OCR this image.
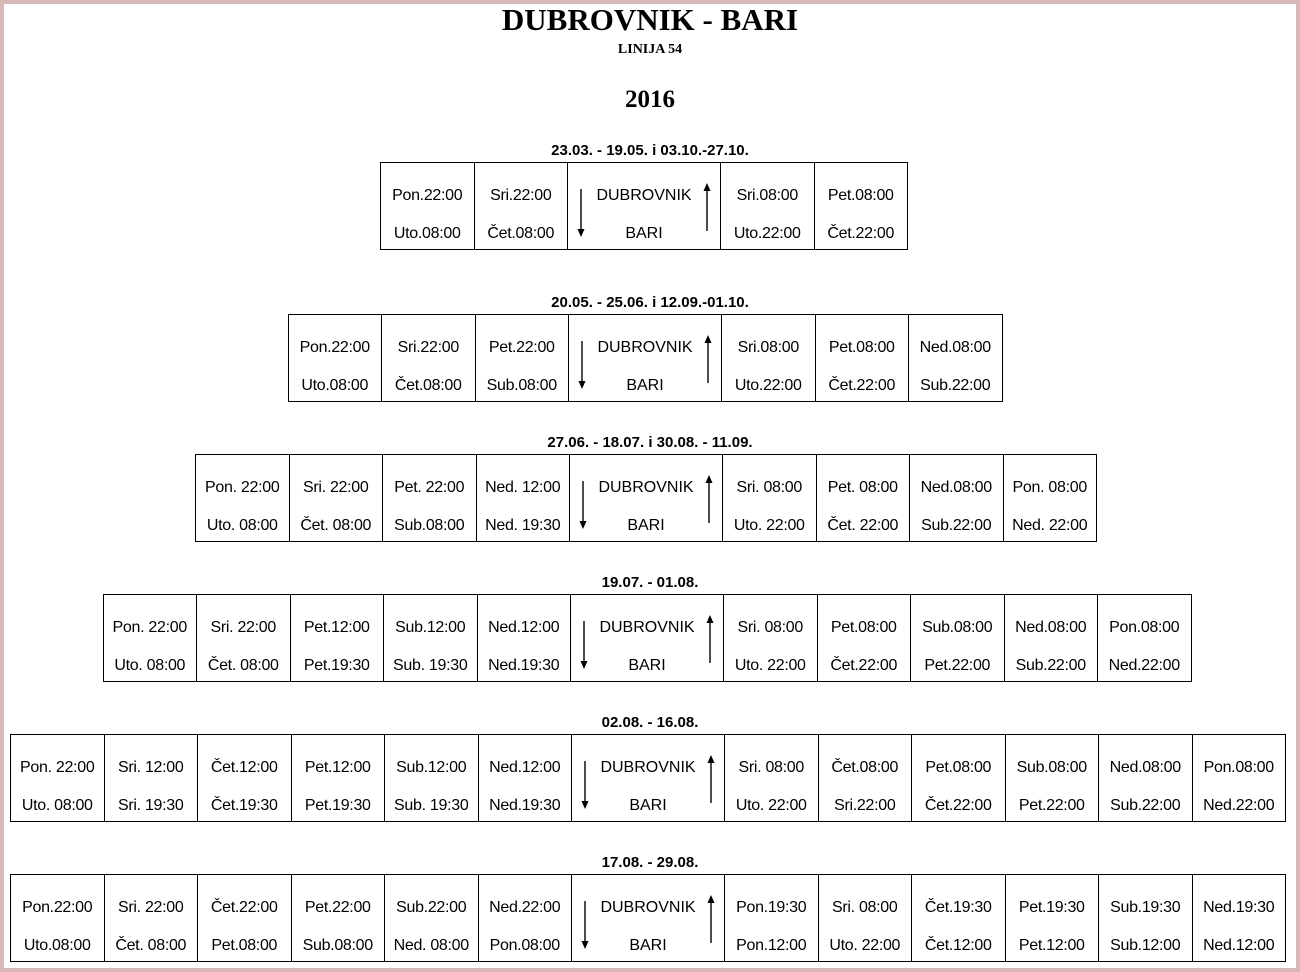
DUBROVNIK - BARI
LINIJA 54
2016
23.03. - 19.05. i 03.10.-27.10.
Pon.22:00
Uto.08:00

Sri.22:00
Čet.08:00

DUBROVNIK
BARI

Sri.08:00
Uto.22:00

Pet.08:00
Čet.22:00
20.05. - 25.06. i 12.09.-01.10.
Pon.22:00
Uto.08:00

Sri.22:00
Čet.08:00

Pet.22:00
Sub.08:00

DUBROVNIK
BARI

Sri.08:00
Uto.22:00

Pet.08:00
Čet.22:00

Ned.08:00
Sub.22:00
27.06. - 18.07. i 30.08. - 11.09.
Pon. 22:00
Uto. 08:00

Sri. 22:00
Čet. 08:00

Pet. 22:00
Sub.08:00

Ned. 12:00
Ned. 19:30

DUBROVNIK
BARI

Sri. 08:00
Uto. 22:00

Pet. 08:00
Čet. 22:00

Ned.08:00
Sub.22:00

Pon. 08:00
Ned. 22:00
19.07. - 01.08.
Pon. 22:00
Uto. 08:00

Sri. 22:00
Čet. 08:00

Pet.12:00
Pet.19:30

Sub.12:00
Sub. 19:30

Ned.12:00
Ned.19:30

DUBROVNIK
BARI

Sri. 08:00
Uto. 22:00

Pet.08:00
Čet.22:00

Sub.08:00
Pet.22:00

Ned.08:00
Sub.22:00

Pon.08:00
Ned.22:00
02.08. - 16.08.
Pon. 22:00
Uto. 08:00

Sri. 12:00
Sri. 19:30

Čet.12:00
Čet.19:30

Pet.12:00
Pet.19:30

Sub.12:00
Sub. 19:30

Ned.12:00
Ned.19:30

DUBROVNIK
BARI

Sri. 08:00
Uto. 22:00

Čet.08:00
Sri.22:00

Pet.08:00
Čet.22:00

Sub.08:00
Pet.22:00

Ned.08:00
Sub.22:00

Pon.08:00
Ned.22:00
17.08. - 29.08.
Pon.22:00
Uto.08:00

Sri. 22:00
Čet. 08:00

Čet.22:00
Pet.08:00

Pet.22:00
Sub.08:00

Sub.22:00
Ned. 08:00

Ned.22:00
Pon.08:00

DUBROVNIK
BARI

Pon.19:30
Pon.12:00

Sri. 08:00
Uto. 22:00

Čet.19:30
Čet.12:00

Pet.19:30
Pet.12:00

Sub.19:30
Sub.12:00

Ned.19:30
Ned.12:00
